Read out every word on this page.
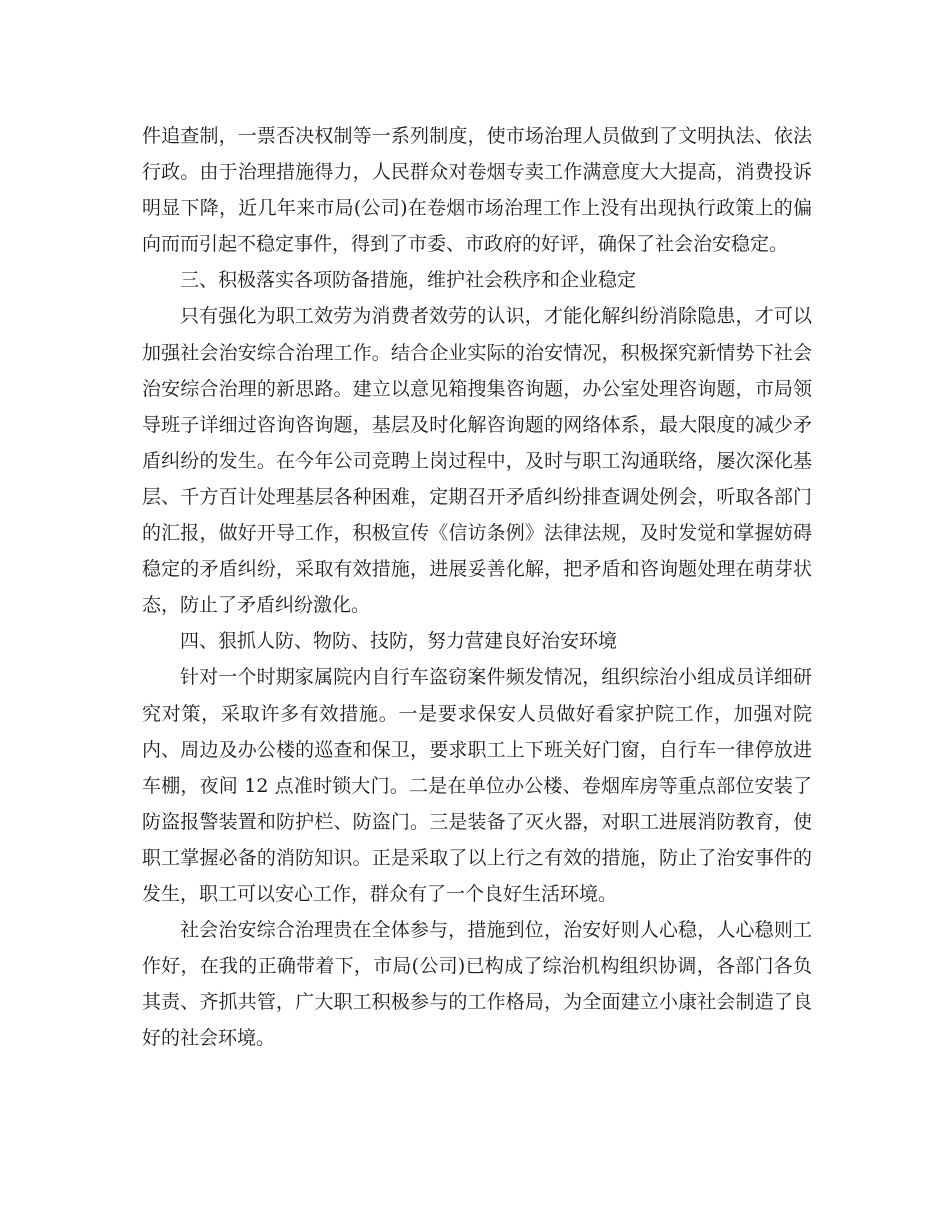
件追查制，一票否决权制等一系列制度，使市场治理人员做到了文明执法、依法行政。由于治理措施得力，人民群众对卷烟专卖工作满意度大大提高，消费投诉明显下降，近几年来市局(公司)在卷烟市场治理工作上没有出现执行政策上的偏向而而引起不稳定事件，得到了市委、市政府的好评，确保了社会治安稳定。

三、积极落实各项防备措施，维护社会秩序和企业稳定

只有强化为职工效劳为消费者效劳的认识，才能化解纠纷消除隐患，才可以加强社会治安综合治理工作。结合企业实际的治安情况，积极探究新情势下社会治安综合治理的新思路。建立以意见箱搜集咨询题，办公室处理咨询题，市局领导班子详细过咨询咨询题，基层及时化解咨询题的网络体系，最大限度的减少矛盾纠纷的发生。在今年公司竞聘上岗过程中，及时与职工沟通联络，屡次深化基层、千方百计处理基层各种困难，定期召开矛盾纠纷排查调处例会，听取各部门的汇报，做好开导工作，积极宣传《信访条例》法律法规，及时发觉和掌握妨碍稳定的矛盾纠纷，采取有效措施，进展妥善化解，把矛盾和咨询题处理在萌芽状态，防止了矛盾纠纷激化。

四、狠抓人防、物防、技防，努力营建良好治安环境

针对一个时期家属院内自行车盗窃案件频发情况，组织综治小组成员详细研究对策，采取许多有效措施。一是要求保安人员做好看家护院工作，加强对院内、周边及办公楼的巡查和保卫，要求职工上下班关好门窗，自行车一律停放进车棚，夜间 12 点准时锁大门。二是在单位办公楼、卷烟库房等重点部位安装了防盗报警装置和防护栏、防盗门。三是装备了灭火器，对职工进展消防教育，使职工掌握必备的消防知识。正是采取了以上行之有效的措施，防止了治安事件的发生，职工可以安心工作，群众有了一个良好生活环境。

社会治安综合治理贵在全体参与，措施到位，治安好则人心稳，人心稳则工作好，在我的正确带着下，市局(公司)已构成了综治机构组织协调，各部门各负其责、齐抓共管，广大职工积极参与的工作格局，为全面建立小康社会制造了良好的社会环境。
